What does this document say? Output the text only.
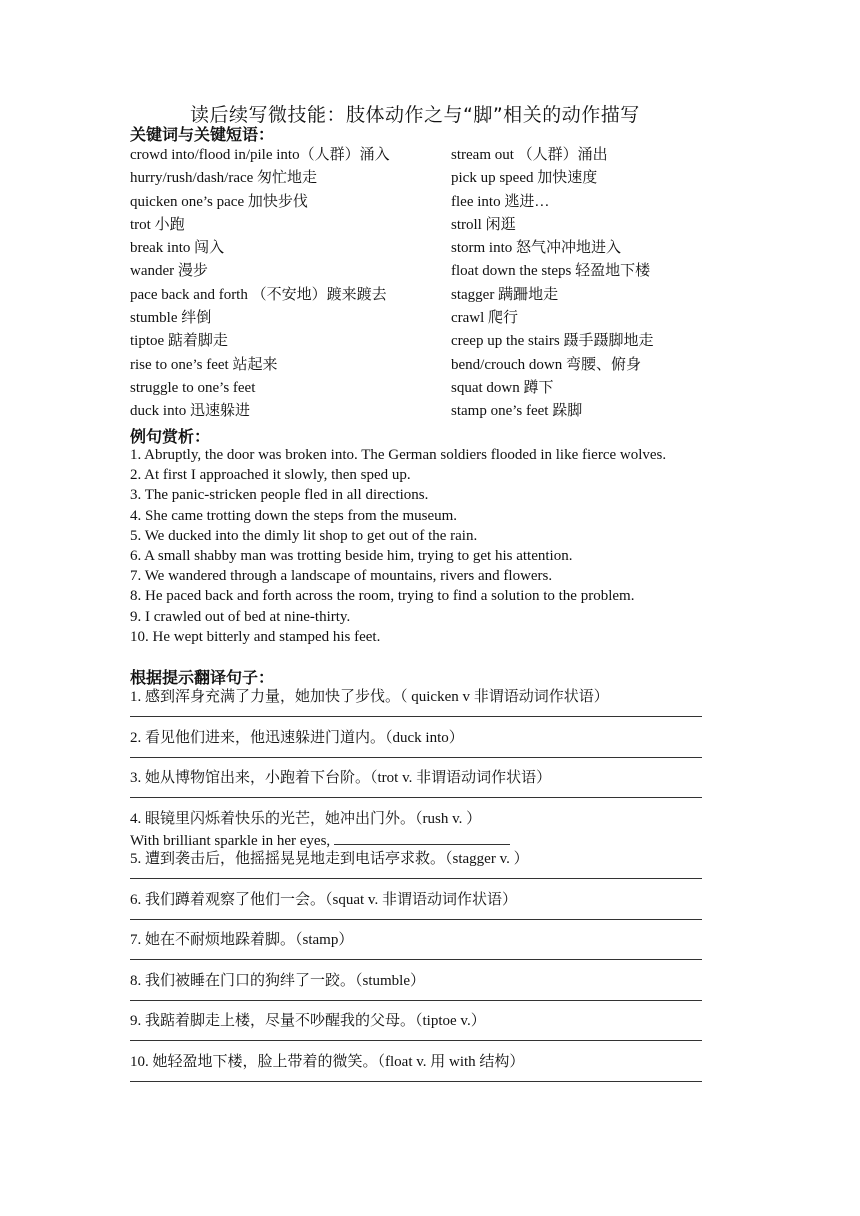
读后续写微技能：肢体动作之与“脚”相关的动作描写
关键词与关键短语：
crowd into/flood in/pile into（人群）涌入	stream out （人群）涌出
hurry/rush/dash/race 匆忙地走	pick up speed 加快速度
quicken one’s pace 加快步伐	flee into 逃进…
trot 小跑	stroll 闲逛
break into 闯入	storm into 怒气冲冲地进入
wander 漫步	float down the steps 轻盈地下楼
pace back and forth （不安地）踱来踱去	stagger 蹒跚地走
stumble 绊倒	crawl 爬行
tiptoe 踮着脚走	creep up the stairs 蹑手蹑脚地走
rise to one’s feet 站起来	bend/crouch down 弯腰、俯身
struggle to one’s feet	squat down 蹲下
duck into 迅速躲进	stamp one’s feet 跺脚
例句赏析：

1. Abruptly, the door was broken into. The German soldiers flooded in like fierce wolves.

2. At first I approached it slowly, then sped up.

3. The panic-stricken people fled in all directions.

4. She came trotting down the steps from the museum.

5. We ducked into the dimly lit shop to get out of the rain.

6. A small shabby man was trotting beside him, trying to get his attention.

7. We wandered through a landscape of mountains, rivers and flowers.

8. He paced back and forth across the room, trying to find a solution to the problem.

9. I crawled out of bed at nine-thirty.

10. He wept bitterly and stamped his feet.

根据提示翻译句子：
1. 感到浑身充满了力量，她加快了步伐。（ quicken v 非谓语动词作状语）
2. 看见他们进来，他迅速躲进门道内。（duck into）
3. 她从博物馆出来，小跑着下台阶。（trot v. 非谓语动词作状语）
4. 眼镜里闪烁着快乐的光芒，她冲出门外。（rush v. ）
With brilliant sparkle in her eyes,
5. 遭到袭击后，他摇摇晃晃地走到电话亭求救。（stagger v. ）
6. 我们蹲着观察了他们一会。（squat v. 非谓语动词作状语）
7. 她在不耐烦地跺着脚。（stamp）
8. 我们被睡在门口的狗绊了一跤。（stumble）
9. 我踮着脚走上楼，尽量不吵醒我的父母。（tiptoe v.）
10. 她轻盈地下楼，脸上带着的微笑。（float v. 用 with 结构）
